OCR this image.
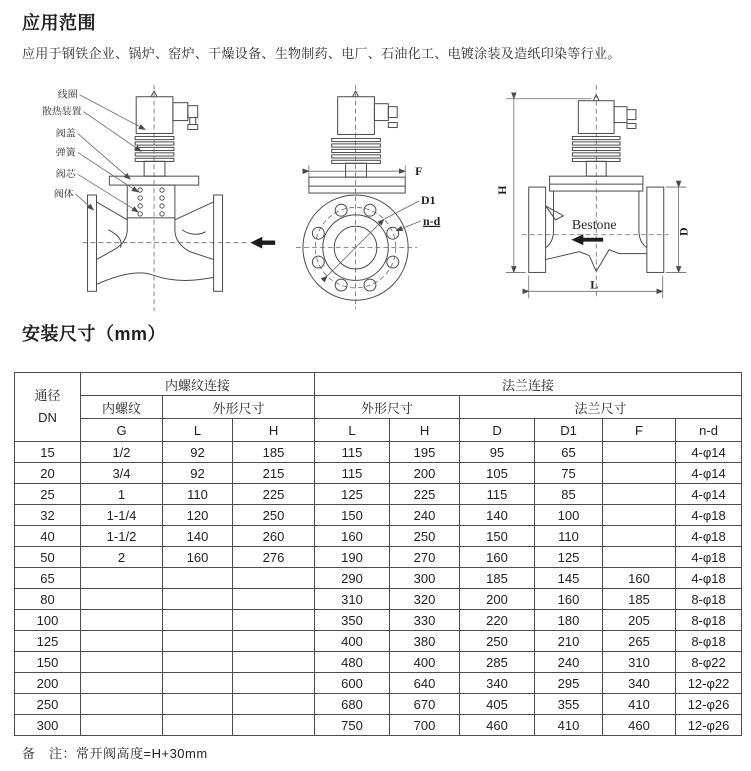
应用范围
应用于钢铁企业、锅炉、窑炉、干燥设备、生物制药、电厂、石油化工、电镀涂装及造纸印染等行业。
线圈
散热装置
阀盖
弹簧
阀芯
阀体
F
D1
n-d
H
Bestone	D
L
安装尺寸（mm）
通径
DN	内螺纹连接			法兰连接					
	内螺纹	外形尺寸		外形尺寸		法兰尺寸			
	G	L	H	L	H	D	D1	F	n-d
15	1/2	92	185	115	195	95	65		4-φ14
20	3/4	92	215	115	200	105	75		4-φ14
25	1	110	225	125	225	115	85		4-φ14
32	1-1/4	120	250	150	240	140	100		4-φ18
40	1-1/2	140	260	160	250	150	110		4-φ18
50	2	160	276	190	270	160	125		4-φ18
65				290	300	185	145	160	4-φ18
80				310	320	200	160	185	8-φ18
100				350	330	220	180	205	8-φ18
125				400	380	250	210	265	8-φ18
150				480	400	285	240	310	8-φ22
200				600	640	340	295	340	12-φ22
250				680	670	405	355	410	12-φ26
300				750	700	460	410	460	12-φ26
备　注：常开阀高度=H+30mm
